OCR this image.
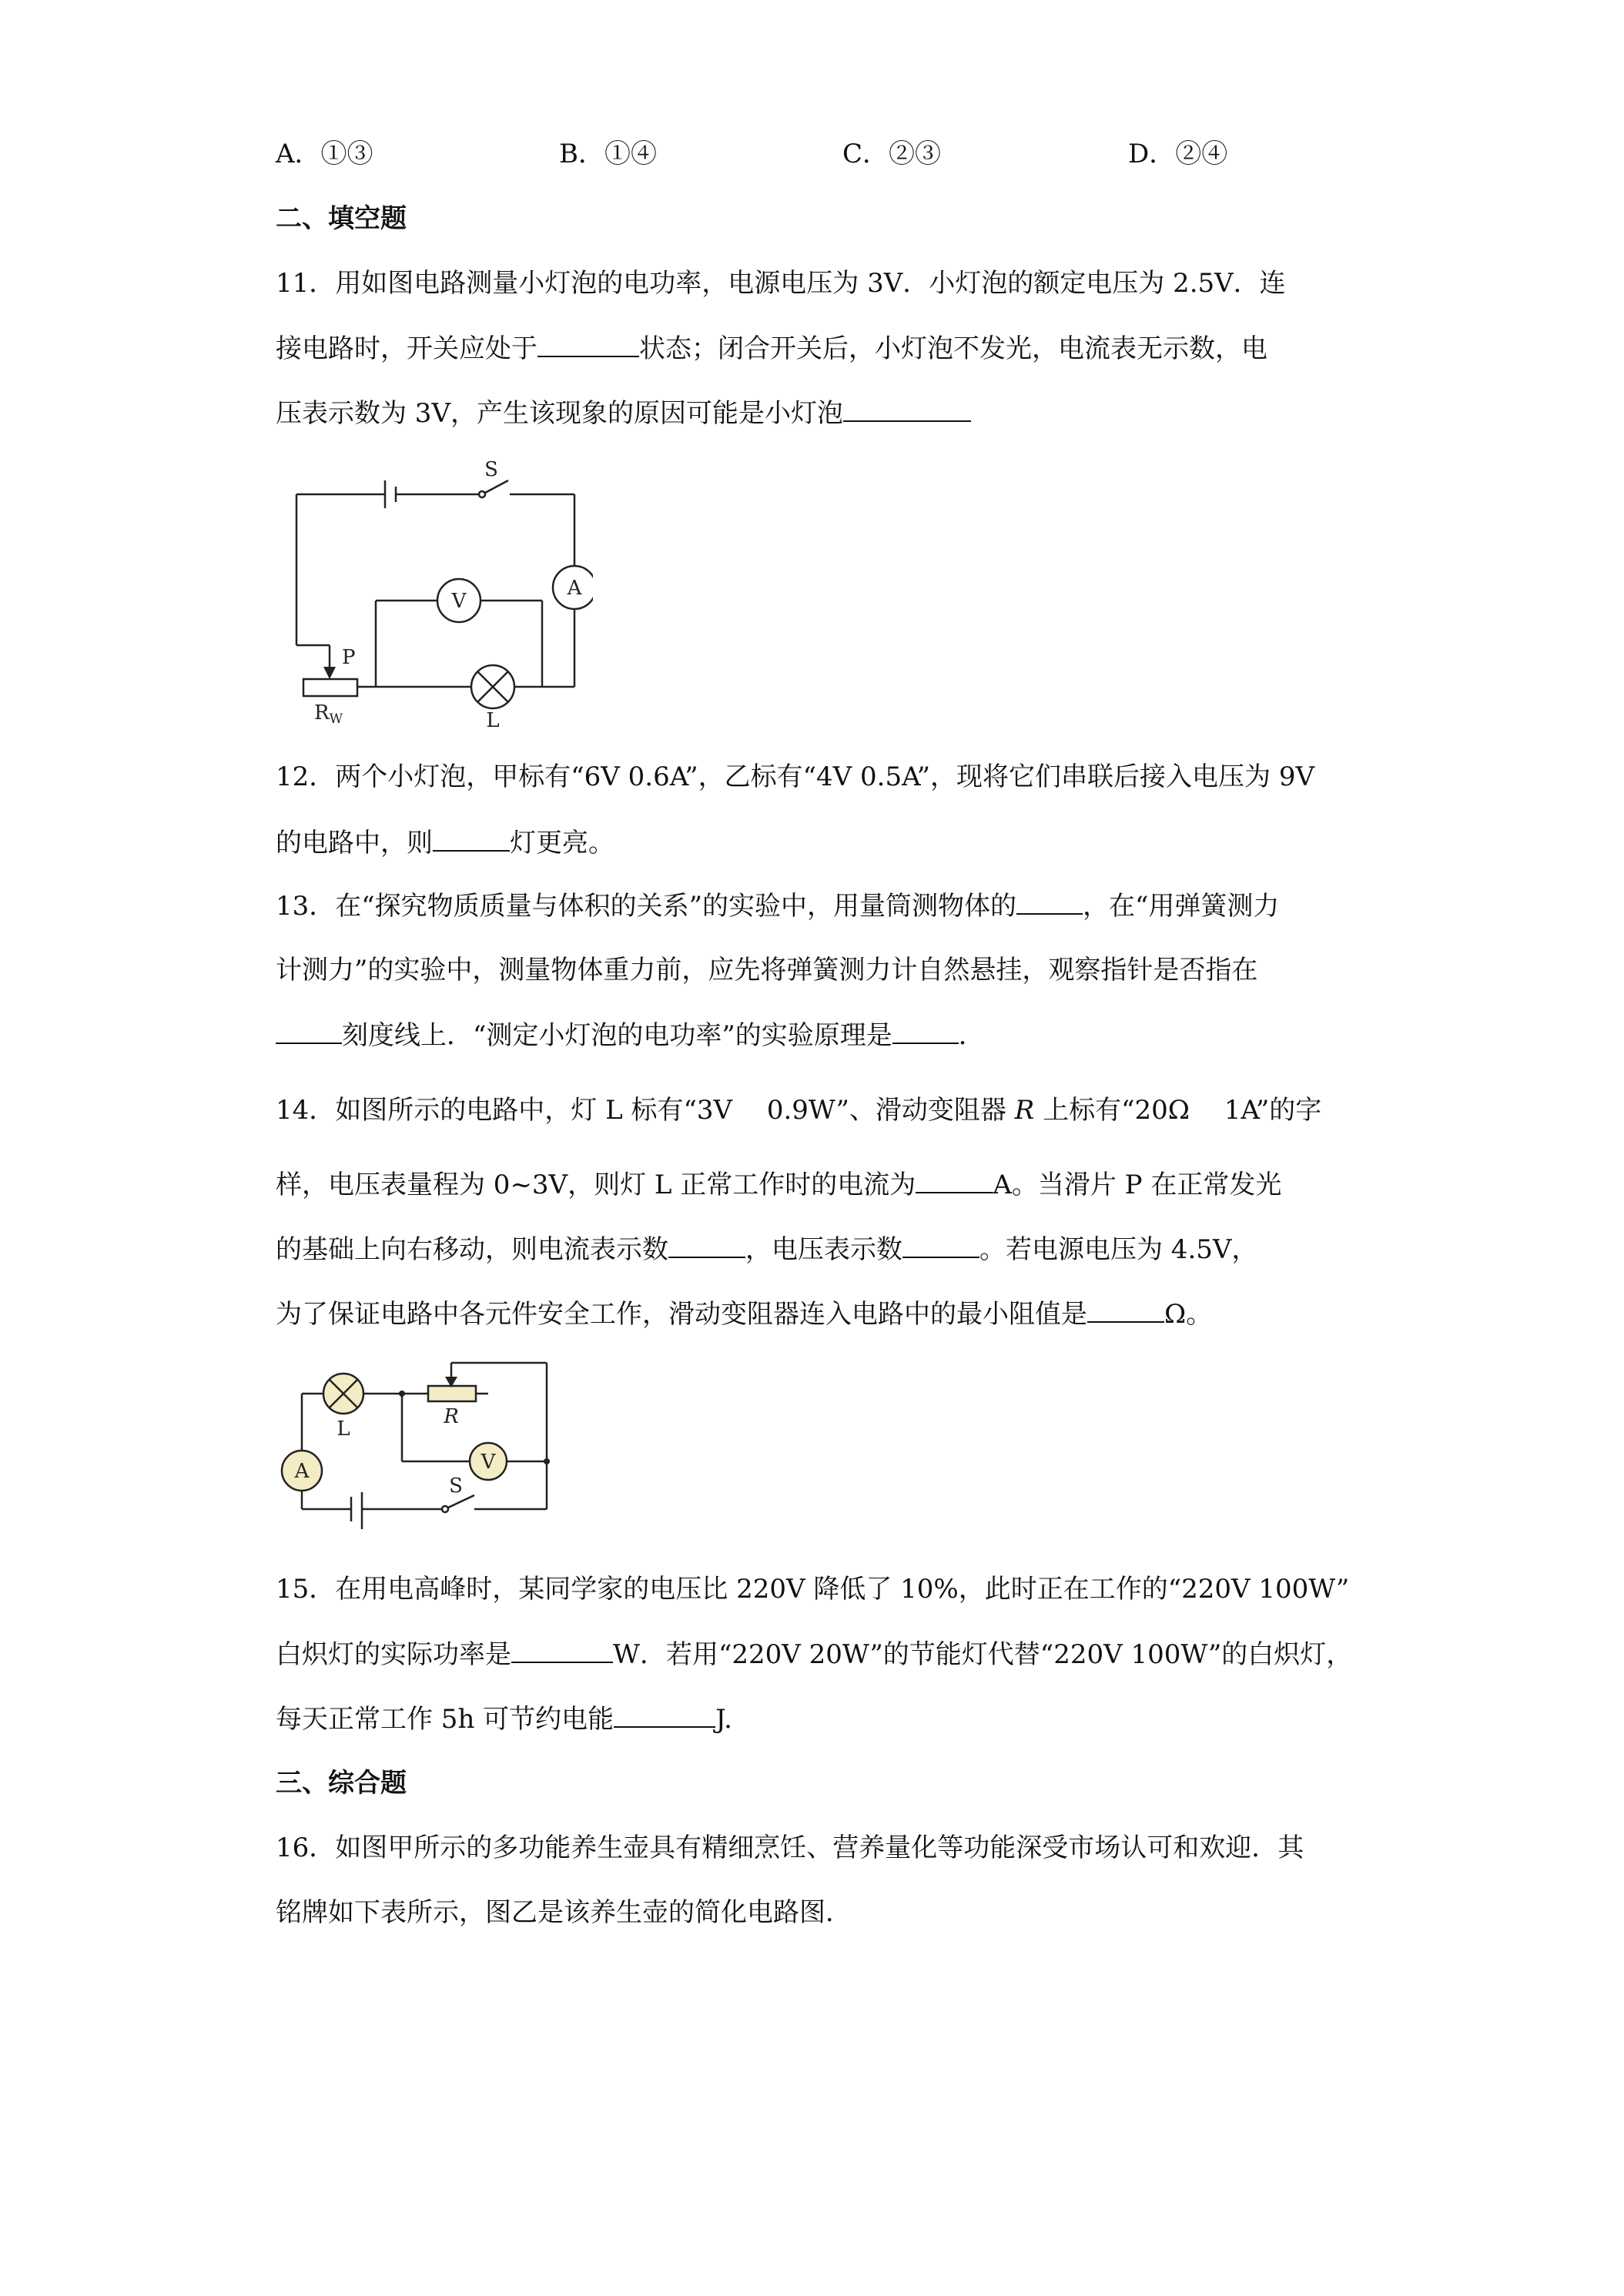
A．①③	B．①④	C．②③	D．②④
二、填空题
11．用如图电路测量小灯泡的电功率，电源电压为 3V．小灯泡的额定电压为 2.5V．连
接电路时，开关应处于	状态；闭合开关后，小灯泡不发光，电流表无示数，电
压表示数为 3V，产生该现象的原因可能是小灯泡
S
A
V
P
RW	L
12．两个小灯泡，甲标有“6V 0.6A”，乙标有“4V 0.5A”，现将它们串联后接入电压为 9V
的电路中，则	灯更亮。
13．在“探究物质质量与体积的关系”的实验中，用量筒测物体的	，在“用弹簧测力
计测力”的实验中，测量物体重力前，应先将弹簧测力计自然悬挂，观察指针是否指在
刻度线上．“测定小灯泡的电功率”的实验原理是	．
14．如图所示的电路中，灯 L 标有“3V　 0.9W”、滑动变阻器 R 上标有“20Ω　 1A”的字
样，电压表量程为 0~3V，则灯 L 正常工作时的电流为	A。当滑片 P 在正常发光
的基础上向右移动，则电流表示数	，电压表示数	。若电源电压为 4.5V，
为了保证电路中各元件安全工作，滑动变阻器连入电路中的最小阻值是	Ω。
L
R
A	V
S
15．在用电高峰时，某同学家的电压比 220V 降低了 10%，此时正在工作的“220V 100W”
白炽灯的实际功率是	W．若用“220V 20W”的节能灯代替“220V 100W”的白炽灯，
每天正常工作 5h 可节约电能	J.
三、综合题
16．如图甲所示的多功能养生壶具有精细烹饪、营养量化等功能深受市场认可和欢迎．其
铭牌如下表所示，图乙是该养生壶的简化电路图．
